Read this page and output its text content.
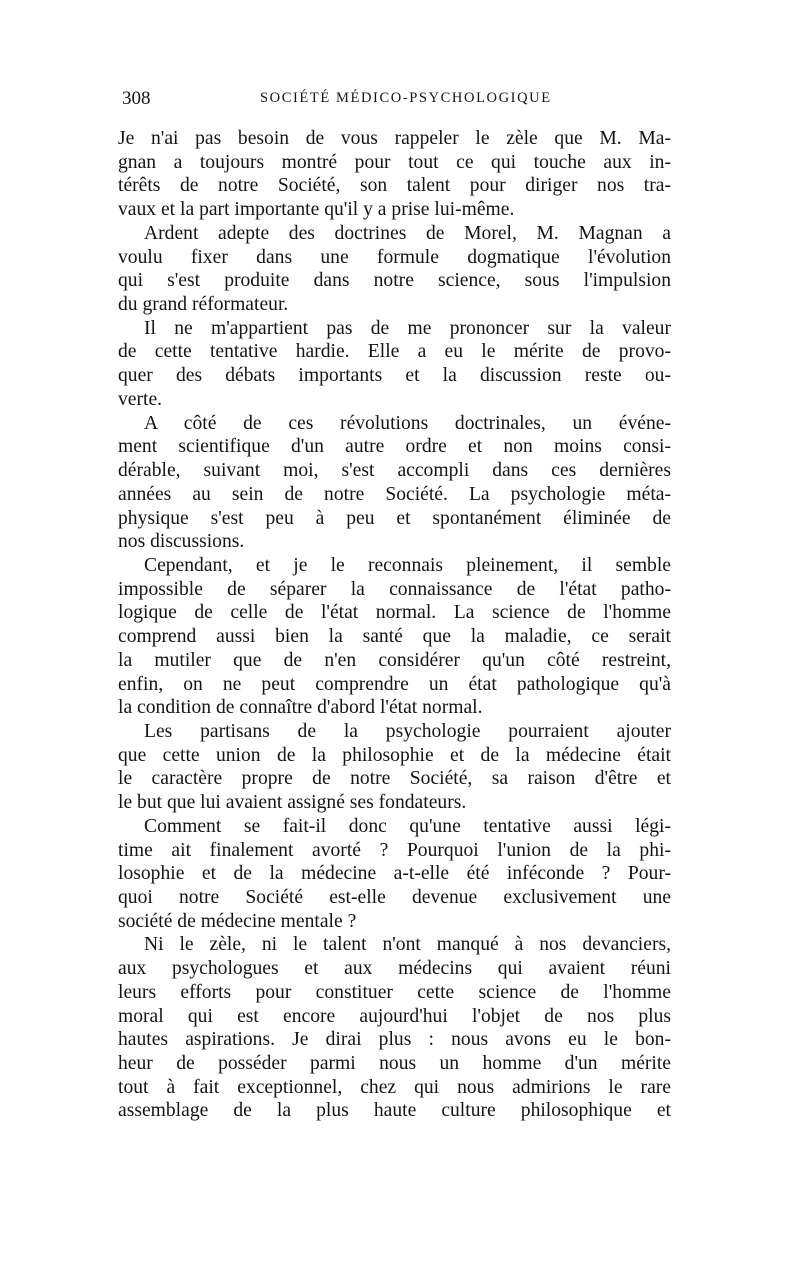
308	SOCIÉTÉ MÉDICO-PSYCHOLOGIQUE
Je n'ai pas besoin de vous rappeler le zèle que M. Ma-
gnan a toujours montré pour tout ce qui touche aux in-
térêts de notre Société, son talent pour diriger nos tra-
vaux et la part importante qu'il y a prise lui-même.
Ardent adepte des doctrines de Morel, M. Magnan a
voulu fixer dans une formule dogmatique l'évolution
qui s'est produite dans notre science, sous l'impulsion
du grand réformateur.
Il ne m'appartient pas de me prononcer sur la valeur
de cette tentative hardie. Elle a eu le mérite de provo-
quer des débats importants et la discussion reste ou-
verte.
A côté de ces révolutions doctrinales, un événe-
ment scientifique d'un autre ordre et non moins consi-
dérable, suivant moi, s'est accompli dans ces dernières
années au sein de notre Société. La psychologie méta-
physique s'est peu à peu et spontanément éliminée de
nos discussions.
Cependant, et je le reconnais pleinement, il semble
impossible de séparer la connaissance de l'état patho-
logique de celle de l'état normal. La science de l'homme
comprend aussi bien la santé que la maladie, ce serait
la mutiler que de n'en considérer qu'un côté restreint,
enfin, on ne peut comprendre un état pathologique qu'à
la condition de connaître d'abord l'état normal.
Les partisans de la psychologie pourraient ajouter
que cette union de la philosophie et de la médecine était
le caractère propre de notre Société, sa raison d'être et
le but que lui avaient assigné ses fondateurs.
Comment se fait-il donc qu'une tentative aussi légi-
time ait finalement avorté ? Pourquoi l'union de la phi-
losophie et de la médecine a-t-elle été inféconde ? Pour-
quoi notre Société est-elle devenue exclusivement une
société de médecine mentale ?
Ni le zèle, ni le talent n'ont manqué à nos devanciers,
aux psychologues et aux médecins qui avaient réuni
leurs efforts pour constituer cette science de l'homme
moral qui est encore aujourd'hui l'objet de nos plus
hautes aspirations. Je dirai plus : nous avons eu le bon-
heur de posséder parmi nous un homme d'un mérite
tout à fait exceptionnel, chez qui nous admirions le rare
assemblage de la plus haute culture philosophique et
